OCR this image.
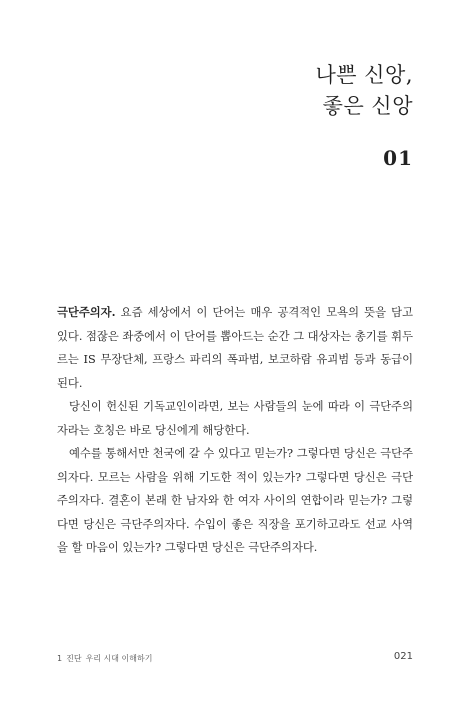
나쁜 신앙,
좋은 신앙
01

극단주의자. 요즘 세상에서 이 단어는 매우 공격적인 모욕의 뜻을 담고 있다. 점잖은 좌중에서 이 단어를 뽑아드는 순간 그 대상자는 총기를 휘두르는 IS 무장단체, 프랑스 파리의 폭파범, 보코하람 유괴범 등과 동급이 된다.

당신이 헌신된 기독교인이라면, 보는 사람들의 눈에 따라 이 극단주의자라는 호칭은 바로 당신에게 해당한다.

예수를 통해서만 천국에 갈 수 있다고 믿는가? 그렇다면 당신은 극단주의자다. 모르는 사람을 위해 기도한 적이 있는가? 그렇다면 당신은 극단주의자다. 결혼이 본래 한 남자와 한 여자 사이의 연합이라 믿는가? 그렇다면 당신은 극단주의자다. 수입이 좋은 직장을 포기하고라도 선교 사역을 할 마음이 있는가? 그렇다면 당신은 극단주의자다.

1 진단 우리 시대 이해하기	021
